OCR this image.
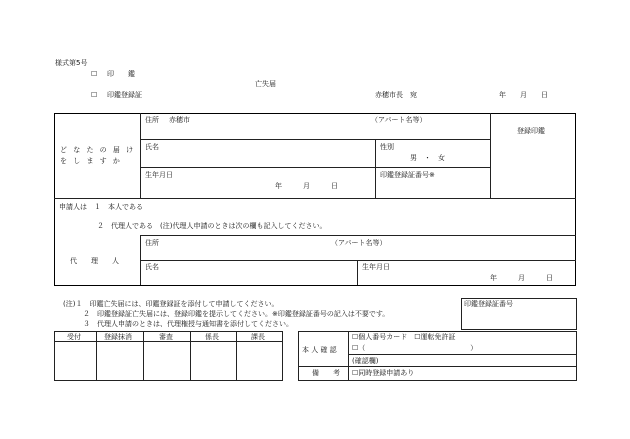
様式第5号
☐ 印　　鑑
☐ 印鑑登録証
亡失届
赤穂市長　宛	年　　月　　日
ど な た の 届 け
を し ま す か
住所 赤穂市	（アパート名等）
登録印鑑
氏名	性別
男　・　女
生年月日
年　　　月　　　日
印鑑登録証番号※
申請人は　１　本人である
２　代理人である　(注)代理人申請のときは次の欄も記入してください。
代　　理　　人
住所	（アパート名等）
氏名	生年月日
年　　　月　　　日
(注)１　印鑑亡失届には、印鑑登録証を添付して申請してください。
２　印鑑登録証亡失届には、登録印鑑を提示してください。※印鑑登録証番号の記入は不要です。
３　代理人申請のときは、代理権授与通知書を添付してください。
印鑑登録証番号
受付	登録抹消	審査	係長	課長
本 人 確 認
☐個人番号カード　☐運転免許証
☐（　　　　　　　　　　　　　　　）
(確認欄)
備　　考 ☐同時登録申請あり
